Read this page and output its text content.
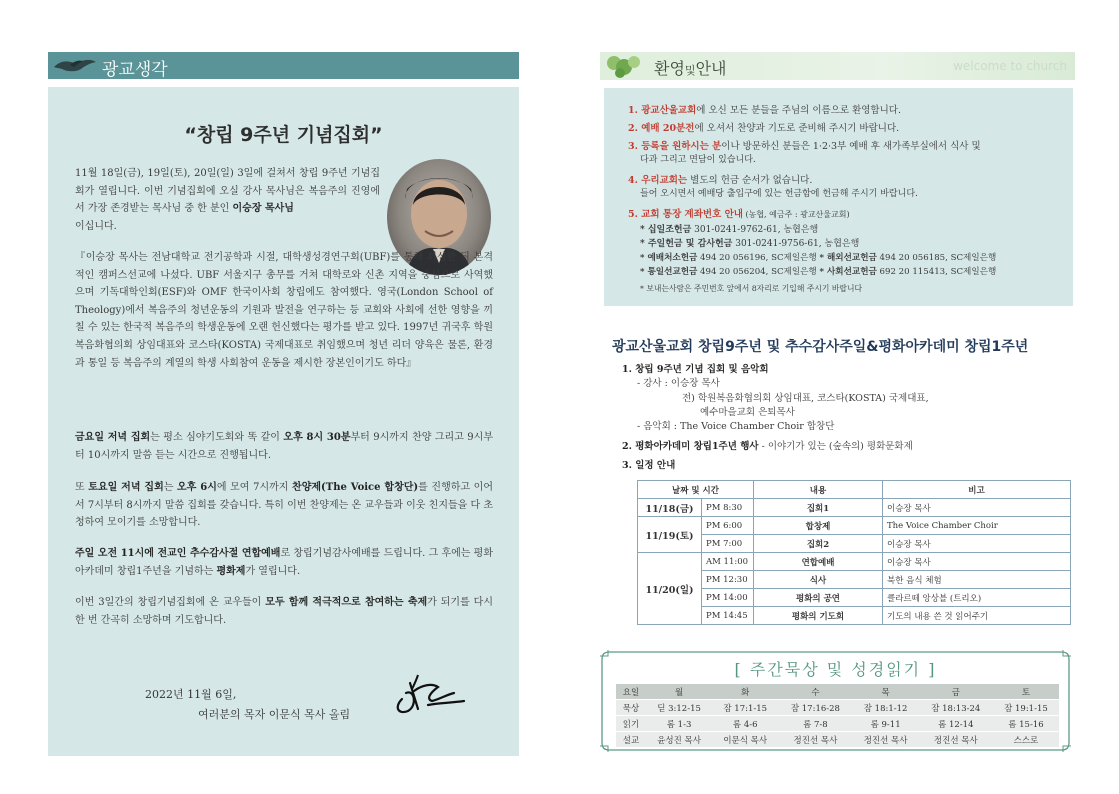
광교생각
“창립 9주년 기념집회”
11월 18일(금), 19일(토), 20일(일) 3일에 걸쳐서 창립 9주년 기념집회가 열립니다. 이번 기념집회에 오실 강사 목사님은 복음주의 진영에서 가장 존경받는 목사님 중 한 분인 이승장 목사님
이십니다.
『이승장 목사는 전남대학교 전기공학과 시절, 대학생성경연구회(UBF)를 통해 회심한 뒤 본격적인 캠퍼스선교에 나섰다. UBF 서울지구 총무를 거쳐 대학로와 신촌 지역을 중심으로 사역했으며 기독대학인회(ESF)와 OMF 한국이사회 창립에도 참여했다. 영국(London School of Theology)에서 복음주의 청년운동의 기원과 발전을 연구하는 등 교회와 사회에 선한 영향을 끼칠 수 있는 한국적 복음주의 학생운동에 오랜 헌신했다는 평가를 받고 있다. 1997년 귀국후 학원복음화협의회 상임대표와 코스타(KOSTA) 국제대표로 취임했으며 청년 리더 양육은 물론, 환경과 통일 등 복음주의 계열의 학생 사회참여 운동을 제시한 장본인이기도 하다』
금요일 저녁 집회는 평소 심야기도회와 똑 같이 오후 8시 30분부터 9시까지 찬양 그리고 9시부터 10시까지 말씀 듣는 시간으로 진행됩니다.
또 토요일 저녁 집회는 오후 6시에 모여 7시까지 찬양제(The Voice 합창단)를 진행하고 이어서 7시부터 8시까지 말씀 집회를 갖습니다. 특히 이번 찬양제는 온 교우들과 이웃 친지들을 다 초청하여 모이기를 소망합니다.
주일 오전 11시에 전교인 추수감사절 연합예배로 창립기념감사예배를 드립니다. 그 후에는 평화아카데미 창립1주년을 기념하는 평화제가 열립니다.
이번 3일간의 창립기념집회에 온 교우들이 모두 함께 적극적으로 참여하는 축제가 되기를 다시 한 번 간곡히 소망하며 기도합니다.
2022년 11월 6일,
여러분의 목자 이문식 목사 올림
환영및안내	welcome to church
1. 광교산울교회에 오신 모든 분들을 주님의 이름으로 환영합니다.
2. 예배 20분전에 오셔서 찬양과 기도로 준비해 주시기 바랍니다.
3. 등록을 원하시는 분이나 방문하신 분들은 1·2·3부 예배 후 새가족부실에서 식사 및
다과 그리고 면담이 있습니다.
4. 우리교회는 별도의 헌금 순서가 없습니다.
들어 오시면서 예배당 출입구에 있는 헌금함에 헌금해 주시기 바랍니다.
5. 교회 통장 계좌번호 안내 (농협, 예금주 : 광교산울교회)
* 십일조헌금 301-0241-9762-61, 농협은행
* 주일헌금 및 감사헌금 301-0241-9756-61, 농협은행
* 예배처소헌금 494 20 056196, SC제일은행 * 해외선교헌금 494 20 056185, SC제일은행
* 통일선교헌금 494 20 056204, SC제일은행 * 사회선교헌금 692 20 115413, SC제일은행
* 보내는사람은 주민번호 앞에서 8자리로 기입해 주시기 바랍니다
광교산울교회 창립9주년 및 추수감사주일&평화아카데미 창립1주년
1. 창립 9주년 기념 집회 및 음악회
- 강사 : 이승장 목사
전) 학원복음화협의회 상임대표, 코스타(KOSTA) 국제대표,
예수마을교회 은퇴목사
- 음악회 : The Voice Chamber Choir 합창단
2. 평화아카데미 창립1주년 행사 - 이야기가 있는 (숲속의) 평화문화제
3. 일정 안내
날짜 및 시간		내용	비고
11/18(금)	PM 8:30	집회1	이승장 목사
11/19(토)	PM 6:00	합창제	The Voice Chamber Choir
	PM 7:00	집회2	이승장 목사
11/20(일)	AM 11:00	연합예배	이승장 목사
	PM 12:30	식사	북한 음식 체험
	PM 14:00	평화의 공연	클라르떼 앙상블 (트리오)
	PM 14:45	평화의 기도회	기도의 내용 쓴 것 읽어주기
[ 주간묵상 및 성경읽기 ]
요일	월	화	수	목	금	토
묵상	딛 3:12-15	잠 17:1-15	잠 17:16-28	잠 18:1-12	잠 18:13-24	잠 19:1-15
읽기	롬 1-3	롬 4-6	롬 7-8	롬 9-11	롬 12-14	롬 15-16
설교	윤성진 목사	이문식 목사	정진선 목사	정진선 목사	정진선 목사	스스로
